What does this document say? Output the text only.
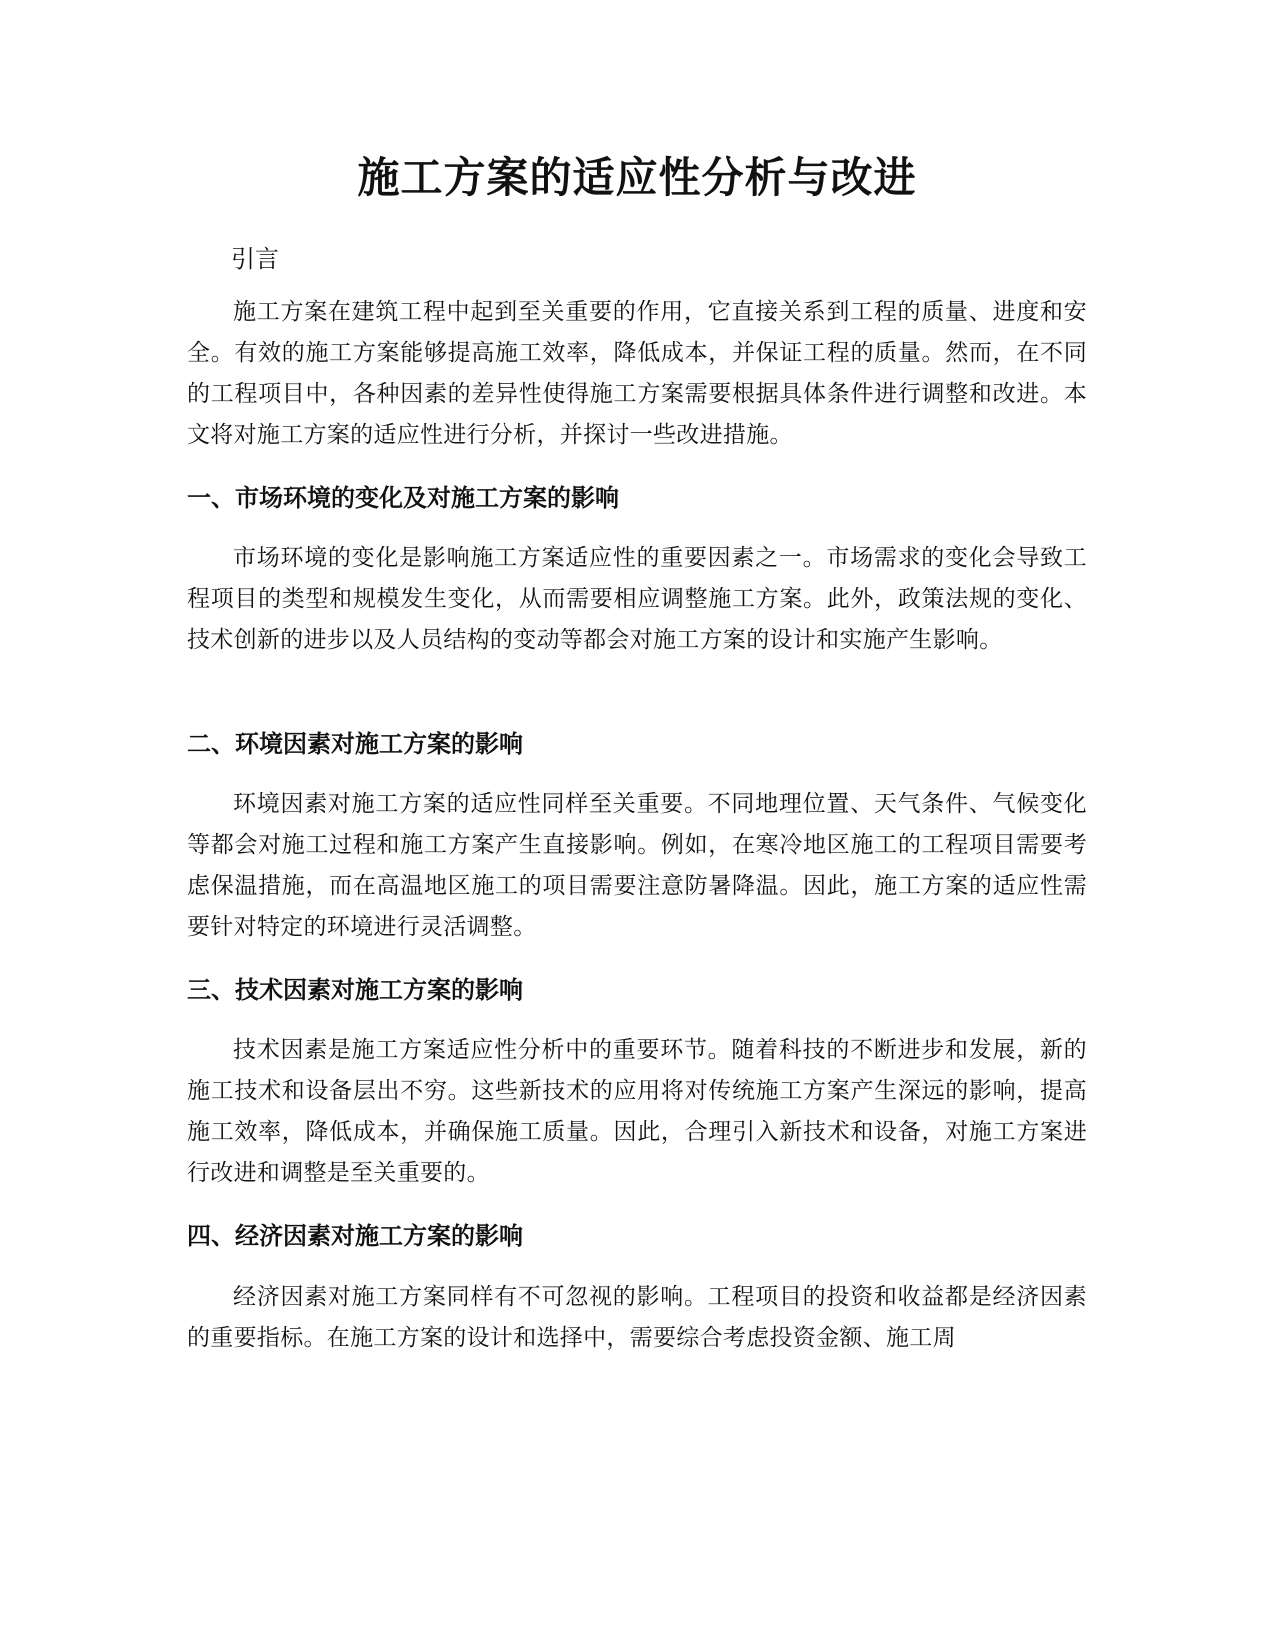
施工方案的适应性分析与改进

引言

施工方案在建筑工程中起到至关重要的作用，它直接关系到工程的质量、进度和安全。有效的施工方案能够提高施工效率，降低成本，并保证工程的质量。然而，在不同的工程项目中，各种因素的差异性使得施工方案需要根据具体条件进行调整和改进。本文将对施工方案的适应性进行分析，并探讨一些改进措施。

一、市场环境的变化及对施工方案的影响

市场环境的变化是影响施工方案适应性的重要因素之一。市场需求的变化会导致工程项目的类型和规模发生变化，从而需要相应调整施工方案。此外，政策法规的变化、技术创新的进步以及人员结构的变动等都会对施工方案的设计和实施产生影响。

二、环境因素对施工方案的影响

环境因素对施工方案的适应性同样至关重要。不同地理位置、天气条件、气候变化等都会对施工过程和施工方案产生直接影响。例如，在寒冷地区施工的工程项目需要考虑保温措施，而在高温地区施工的项目需要注意防暑降温。因此，施工方案的适应性需要针对特定的环境进行灵活调整。

三、技术因素对施工方案的影响

技术因素是施工方案适应性分析中的重要环节。随着科技的不断进步和发展，新的施工技术和设备层出不穷。这些新技术的应用将对传统施工方案产生深远的影响，提高施工效率，降低成本，并确保施工质量。因此，合理引入新技术和设备，对施工方案进行改进和调整是至关重要的。

四、经济因素对施工方案的影响

经济因素对施工方案同样有不可忽视的影响。工程项目的投资和收益都是经济因素的重要指标。在施工方案的设计和选择中，需要综合考虑投资金额、施工周
